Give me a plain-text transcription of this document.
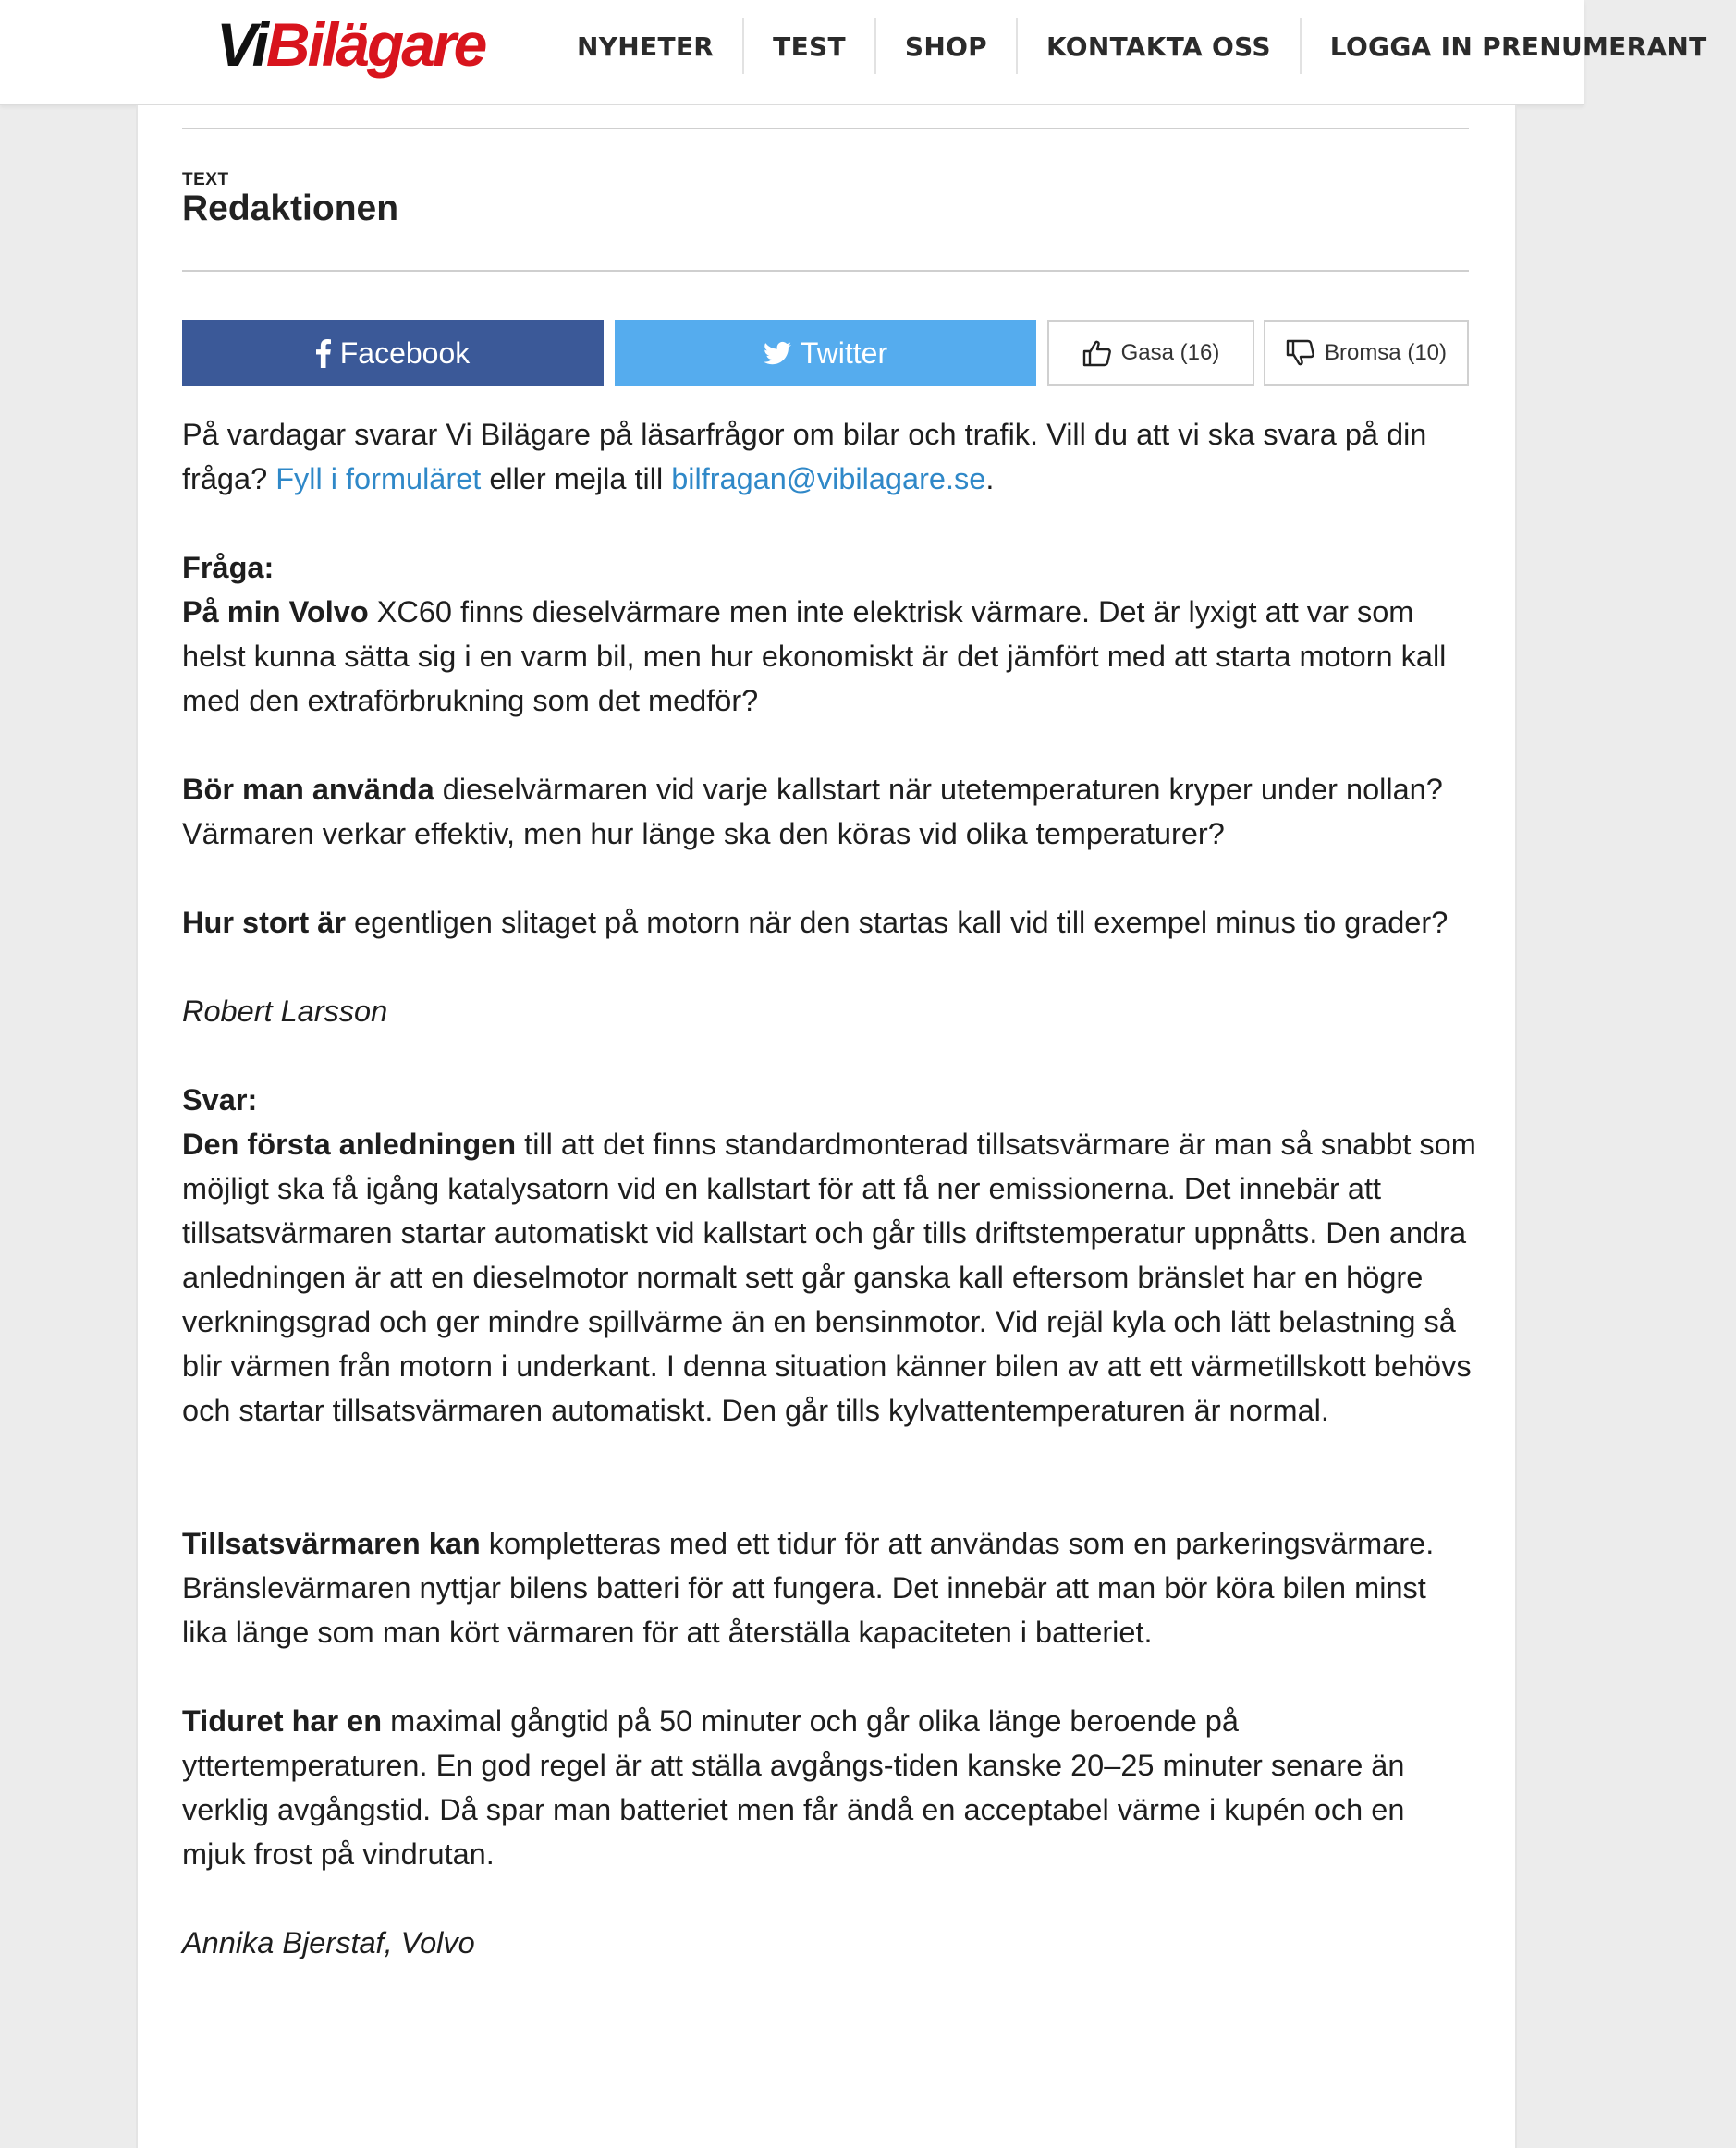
Vi Bilägare	NYHETER	TEST	SHOP	KONTAKTA OSS	LOGGA IN PRENUMERANT
TEXT
Redaktionen
Facebook	Twitter	Gasa (16)	Bromsa (10)

På vardagar svarar Vi Bilägare på läsarfrågor om bilar och trafik. Vill du att vi ska svara på din fråga? Fyll i formuläret eller mejla till bilfragan@vibilagare.se.

Fråga:
På min Volvo XC60 finns dieselvärmare men inte elektrisk värmare. Det är lyxigt att var som helst kunna sätta sig i en varm bil, men hur ekonomiskt är det jämfört med att starta motorn kall med den extraförbrukning som det medför?

Bör man använda dieselvärmaren vid varje kallstart när utetemperaturen kryper under nollan? Värmaren verkar effektiv, men hur länge ska den köras vid olika temperaturer?

Hur stort är egentligen slitaget på motorn när den startas kall vid till exempel minus tio grader?

Robert Larsson

Svar:
Den första anledningen till att det finns standardmonterad tillsatsvärmare är man så snabbt som möjligt ska få igång katalysatorn vid en kallstart för att få ner emissionerna. Det innebär att tillsatsvärmaren startar automatiskt vid kallstart och går tills driftstemperatur uppnåtts. Den andra anledningen är att en dieselmotor normalt sett går ganska kall eftersom bränslet har en högre verkningsgrad och ger mindre spillvärme än en bensinmotor. Vid rejäl kyla och lätt belastning så blir värmen från motorn i underkant. I denna situation känner bilen av att ett värmetillskott behövs och startar tillsatsvärmaren automatiskt. Den går tills kylvattentemperaturen är normal.

Tillsatsvärmaren kan kompletteras med ett tidur för att användas som en parkeringsvärmare. Bränslevärmaren nyttjar bilens batteri för att fungera. Det innebär att man bör köra bilen minst lika länge som man kört värmaren för att återställa kapaciteten i batteriet.

Tiduret har en maximal gångtid på 50 minuter och går olika länge beroende på yttertemperaturen. En god regel är att ställa avgångs-tiden kanske 20–25 minuter senare än verklig avgångstid. Då spar man batteriet men får ändå en acceptabel värme i kupén och en mjuk frost på vindrutan.

Annika Bjerstaf, Volvo
